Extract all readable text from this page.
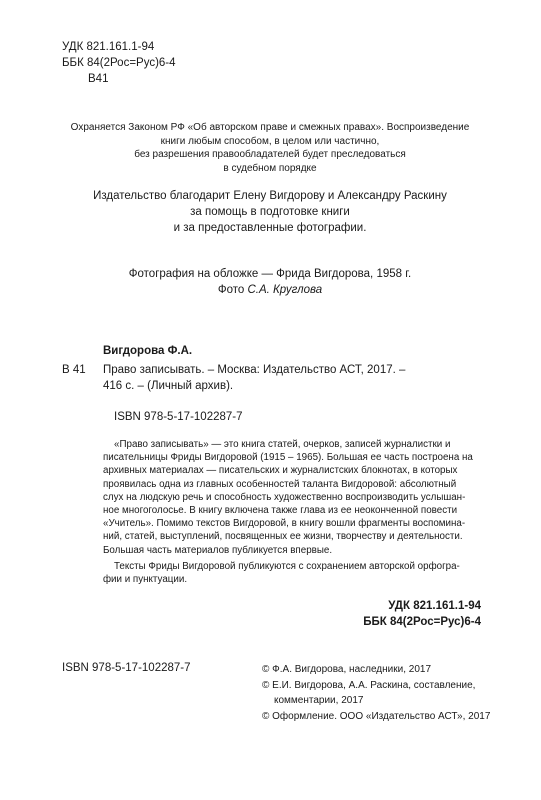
УДК 821.161.1-94
ББК 84(2Рос=Рус)6-4
В41
Охраняется Законом РФ «Об авторском праве и смежных правах». Воспроизведение
книги любым способом, в целом или частично,
без разрешения правообладателей будет преследоваться
в судебном порядке
Издательство благодарит Елену Вигдорову и Александру Раскину
за помощь в подготовке книги
и за предоставленные фотографии.
Фотография на обложке — Фрида Вигдорова, 1958 г.
Фото С.А. Круглова
Вигдорова Ф.А.
В 41 Право записывать. – Москва: Издательство АСТ, 2017. –
416 с. – (Личный архив).
ISBN 978-5-17-102287-7
«Право записывать» — это книга статей, очерков, записей журналистки и
писательницы Фриды Вигдоровой (1915 – 1965). Большая ее часть построена на
архивных материалах — писательских и журналистских блокнотах, в которых
проявилась одна из главных особенностей таланта Вигдоровой: абсолютный
слух на людскую речь и способность художественно воспроизводить услышан-
ное многоголосье. В книгу включена также глава из ее неоконченной повести
«Учитель». Помимо текстов Вигдоровой, в книгу вошли фрагменты воспомина-
ний, статей, выступлений, посвященных ее жизни, творчеству и деятельности.
Большая часть материалов публикуется впервые.
Тексты Фриды Вигдоровой публикуются с сохранением авторской орфогра-
фии и пунктуации.
УДК 821.161.1-94
ББК 84(2Рос=Рус)6-4
ISBN 978-5-17-102287-7	© Ф.А. Вигдорова, наследники, 2017
© Е.И. Вигдорова, А.А. Раскина, составление,
комментарии, 2017
© Оформление. ООО «Издательство АСТ», 2017
